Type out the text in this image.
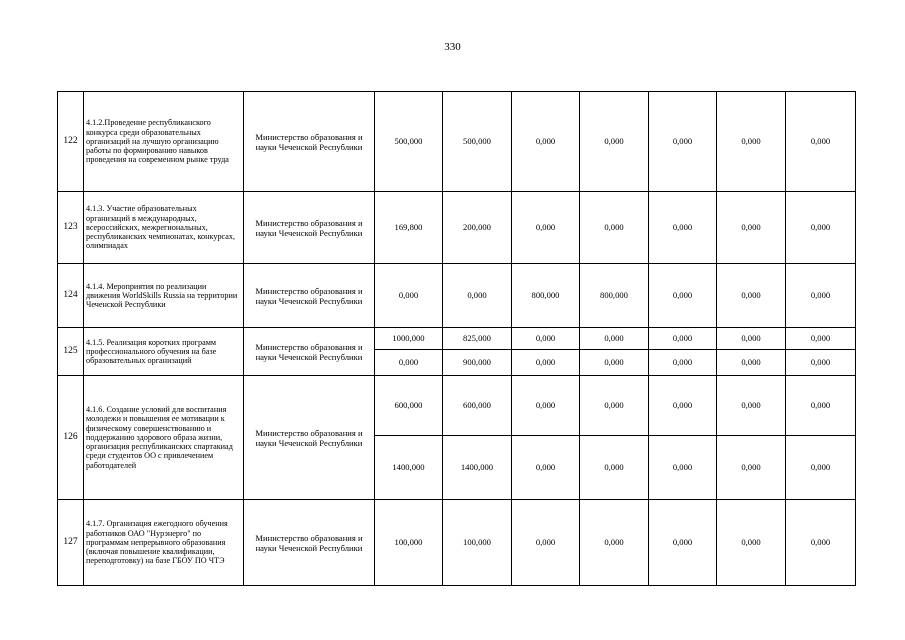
330
122	4.1.2.Проведение республиканского конкурса среди образовательных организаций на лучшую организацию работы по формированию навыков проведения на современном рынке труда	Министерство образования и науки Чеченской Республики	500,000	500,000	0,000	0,000	0,000	0,000	0,000
123	4.1.3. Участие образовательных организаций в международных, всероссийских, межрегиональных, республиканских чемпионатах, конкурсах, олимпиадах	Министерство образования и науки Чеченской Республики	169,800	200,000	0,000	0,000	0,000	0,000	0,000
124	4.1.4. Мероприятия по реализации движения WorldSkills Russia на территории Чеченской Республики	Министерство образования и науки Чеченской Республики	0,000	0,000	800,000	800,000	0,000	0,000	0,000
125	4.1.5. Реализация коротких программ профессионального обучения на базе образовательных организаций	Министерство образования и науки Чеченской Республики	1000,000	825,000	0,000	0,000	0,000	0,000	0,000
			0,000	900,000	0,000	0,000	0,000	0,000	0,000
126	4.1.6. Создание условий для воспитания молодежи и повышения ее мотивации к физическому совершенствованию и поддержанию здорового образа жизни, организация республиканских спартакиад среди студентов ОО с привлечением работодателей	Министерство образования и науки Чеченской Республики	600,000	600,000	0,000	0,000	0,000	0,000	0,000
			1400,000	1400,000	0,000	0,000	0,000	0,000	0,000
127	4.1.7. Организация ежегодного обучения работников ОАО "Нурэнерго" по программам непрерывного образования (включая повышение квалификации, переподготовку) на базе ГБОУ ПО ЧТЭ	Министерство образования и науки Чеченской Республики	100,000	100,000	0,000	0,000	0,000	0,000	0,000
